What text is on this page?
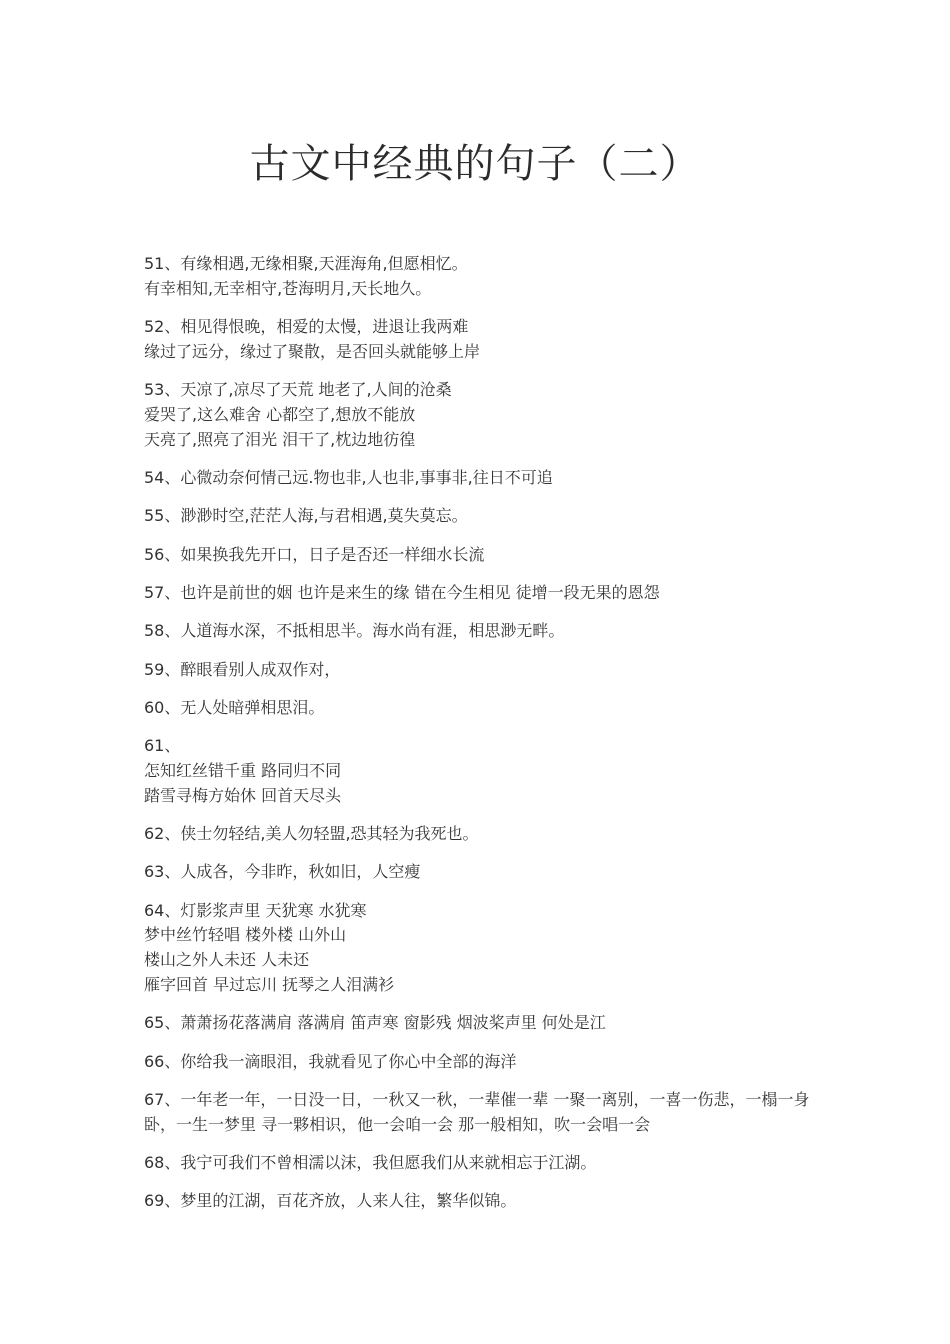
古文中经典的句子（二）

51、有缘相遇,无缘相聚,天涯海角,但愿相忆。
有幸相知,无幸相守,苍海明月,天长地久。

52、相见得恨晚，相爱的太慢，进退让我两难
缘过了远分，缘过了聚散，是否回头就能够上岸

53、天凉了,凉尽了天荒 地老了,人间的沧桑
爱哭了,这么难舍 心都空了,想放不能放
天亮了,照亮了泪光 泪干了,枕边地彷徨

54、心微动奈何情己远.物也非,人也非,事事非,往日不可追

55、渺渺时空,茫茫人海,与君相遇,莫失莫忘。

56、如果换我先开口，日子是否还一样细水长流

57、也许是前世的姻 也许是来生的缘 错在今生相见 徒增一段无果的恩怨

58、人道海水深，不抵相思半。海水尚有涯，相思渺无畔。

59、醉眼看别人成双作对，

60、无人处暗弹相思泪。

61、
怎知红丝错千重 路同归不同
踏雪寻梅方始休 回首天尽头

62、侠士勿轻结,美人勿轻盟,恐其轻为我死也。

63、人成各，今非昨，秋如旧，人空瘦

64、灯影浆声里 天犹寒 水犹寒
梦中丝竹轻唱 楼外楼 山外山
楼山之外人未还 人未还
雁字回首 早过忘川 抚琴之人泪满衫

65、萧萧扬花落满肩 落满肩 笛声寒 窗影残 烟波桨声里 何处是江

66、你给我一滴眼泪，我就看见了你心中全部的海洋

67、一年老一年，一日没一日，一秋又一秋，一辈催一辈 一聚一离别，一喜一伤悲，一榻一身
卧，一生一梦里 寻一夥相识，他一会咱一会 那一般相知，吹一会唱一会

68、我宁可我们不曾相濡以沫，我但愿我们从来就相忘于江湖。

69、梦里的江湖，百花齐放，人来人往，繁华似锦。
